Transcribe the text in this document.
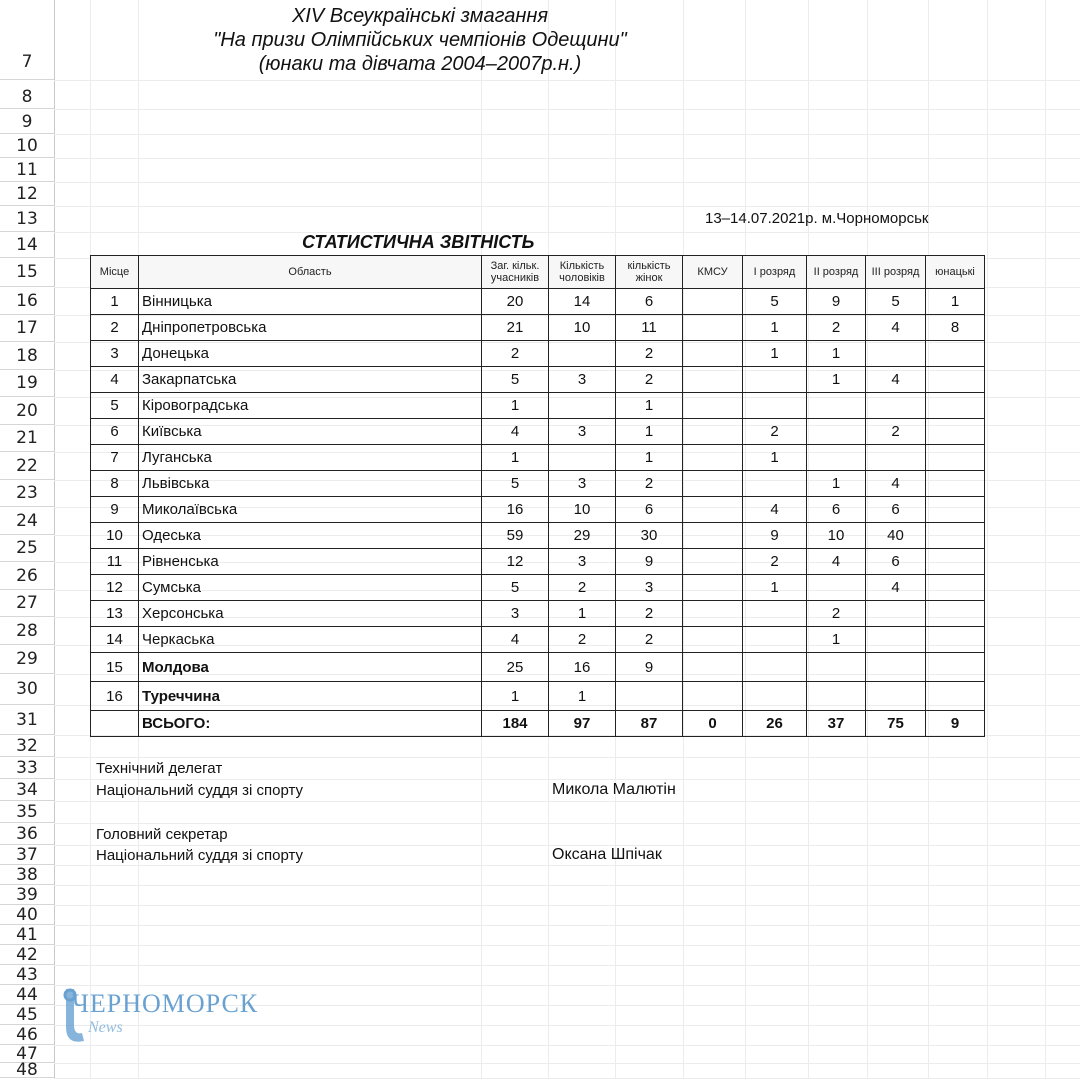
7
8
9
10
11
12
13
14
15
16
17
18
19
20
21
22
23
24
25
26
27
28
29
30
31
32
33
34
35
36
37
38
39
40
41
42
43
44
45
46
47
48
XIV Всеукраїнські змагання
"На призи Олімпійських чемпіонів Одещини"
(юнаки та дівчата 2004–2007р.н.)
13–14.07.2021р. м.Чорноморськ
СТАТИСТИЧНА ЗВІТНІСТЬ
Місце	Область	Заг. кільк. учасників	Кількість чоловіків	кількість жінок	КМСУ	І розряд	ІІ розряд	ІІІ розряд	юнацькі
1	Вінницька	20	14	6		5	9	5	1
2	Дніпропетровська	21	10	11		1	2	4	8
3	Донецька	2		2		1	1		
4	Закарпатська	5	3	2			1	4	
5	Кіровоградська	1		1					
6	Київська	4	3	1		2		2	
7	Луганська	1		1		1			
8	Львівська	5	3	2			1	4	
9	Миколаївська	16	10	6		4	6	6	
10	Одеська	59	29	30		9	10	40	
11	Рівненська	12	3	9		2	4	6	
12	Сумська	5	2	3		1		4	
13	Херсонська	3	1	2			2		
14	Черкаська	4	2	2			1		
15	Молдова	25	16	9					
16	Туреччина	1	1						
	ВСЬОГО:	184	97	87	0	26	37	75	9
Технічний делегат
Національний суддя зі спорту	Микола Малютін
Головний секретар
Національний суддя зі спорту	Оксана Шпічак
ЧЕРНОМОРСК
News
